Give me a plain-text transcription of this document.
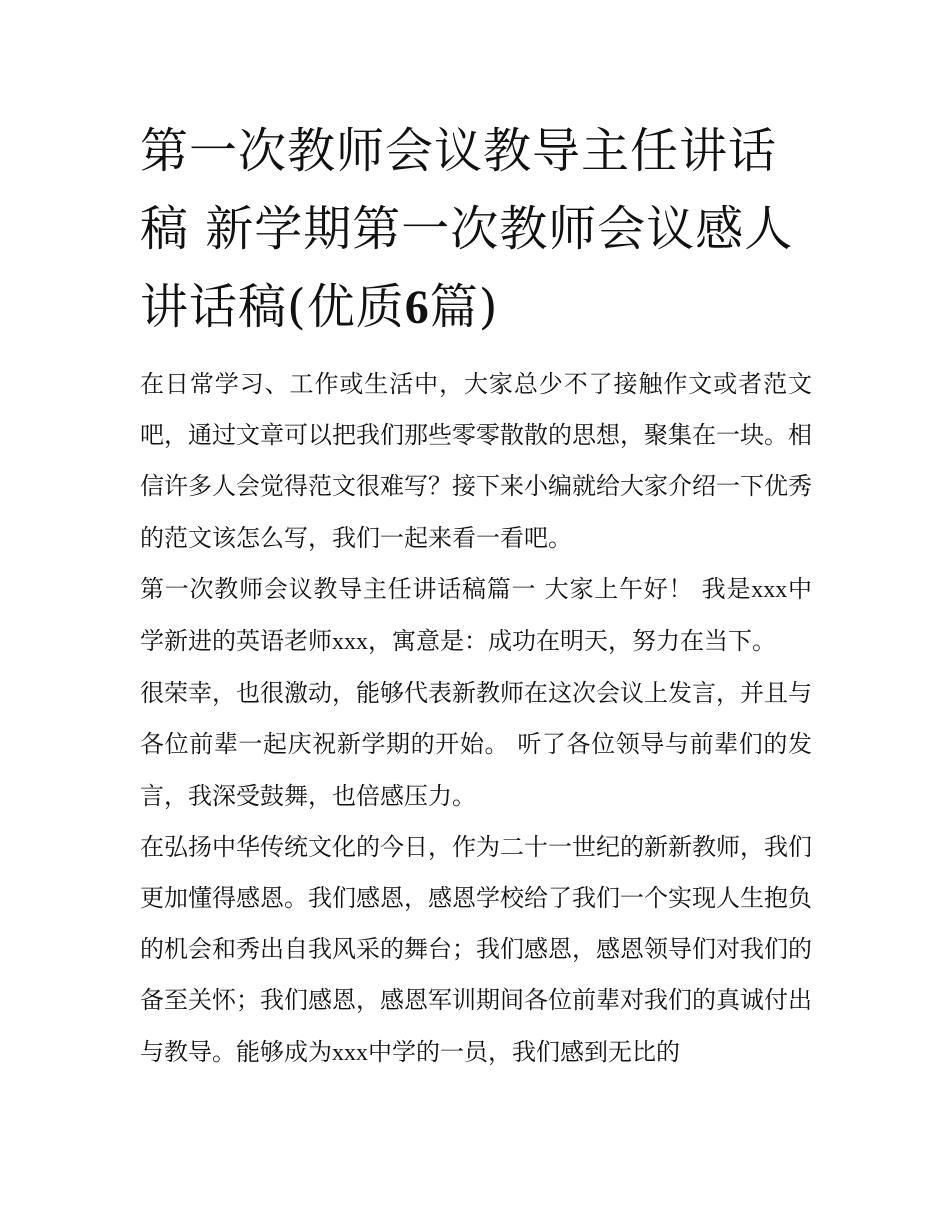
第一次教师会议教导主任讲话稿 新学期第一次教师会议感人讲话稿(优质6篇)

在日常学习、工作或生活中，大家总少不了接触作文或者范文吧，通过文章可以把我们那些零零散散的思想，聚集在一块。相信许多人会觉得范文很难写？接下来小编就给大家介绍一下优秀的范文该怎么写，我们一起来看一看吧。

第一次教师会议教导主任讲话稿篇一 大家上午好！ 我是xxx中学新进的英语老师xxx，寓意是：成功在明天，努力在当下。

很荣幸，也很激动，能够代表新教师在这次会议上发言，并且与各位前辈一起庆祝新学期的开始。 听了各位领导与前辈们的发言，我深受鼓舞，也倍感压力。

在弘扬中华传统文化的今日，作为二十一世纪的新新教师，我们更加懂得感恩。我们感恩，感恩学校给了我们一个实现人生抱负的机会和秀出自我风采的舞台；我们感恩，感恩领导们对我们的备至关怀；我们感恩，感恩军训期间各位前辈对我们的真诚付出与教导。能够成为xxx中学的一员，我们感到无比的
